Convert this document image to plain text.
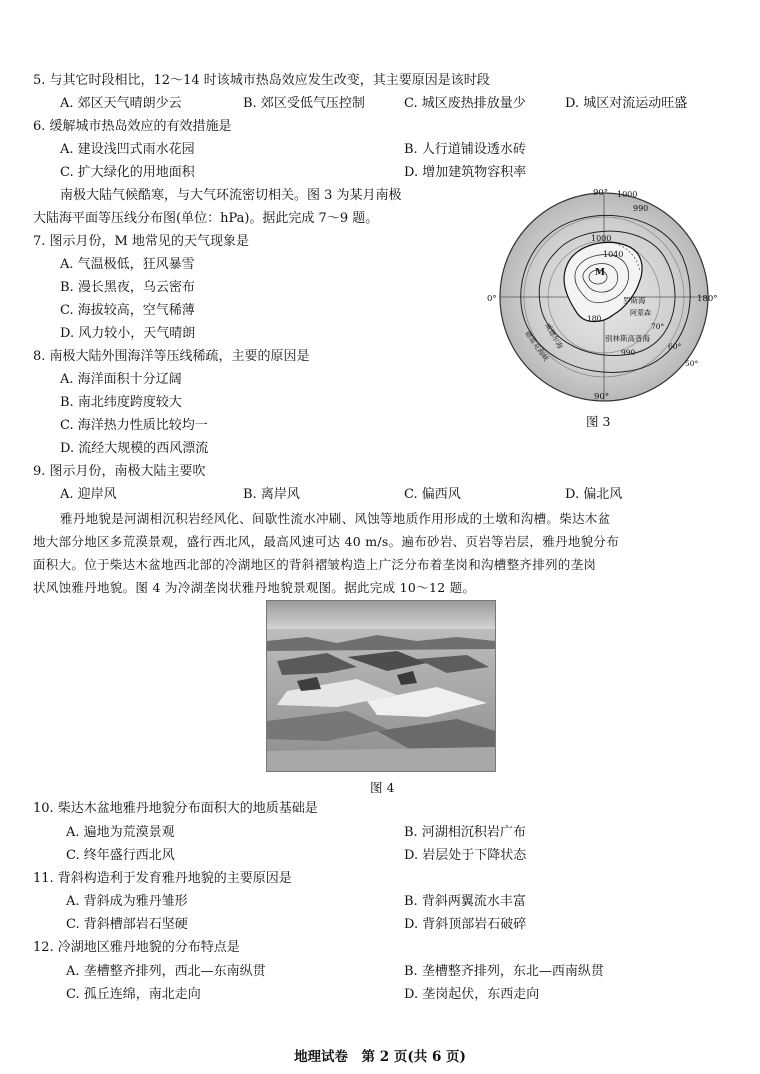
5. 与其它时段相比，12～14 时该城市热岛效应发生改变，其主要原因是该时段
A. 郊区天气晴朗少云	B. 郊区受低气压控制	C. 城区废热排放量少	D. 城区对流运动旺盛
6. 缓解城市热岛效应的有效措施是
A. 建设浅凹式雨水花园	B. 人行道铺设透水砖
C. 扩大绿化的用地面积	D. 增加建筑物容积率
南极大陆气候酷寒，与大气环流密切相关。图 3 为某月南极
大陆海平面等压线分布图(单位：hPa)。据此完成 7～9 题。
7. 图示月份，M 地常见的天气现象是
A. 气温极低，狂风暴雪
B. 漫长黑夜，乌云密布
C. 海拔较高，空气稀薄
D. 风力较小，天气晴朗
8. 南极大陆外围海洋等压线稀疏，主要的原因是
A. 海洋面积十分辽阔
B. 南北纬度跨度较大
C. 海洋热力性质比较均一
D. 流经大规模的西风漂流
9. 图示月份，南极大陆主要吹
A. 迎岸风	B. 离岸风	C. 偏西风	D. 偏北风
90° 1000
990
1000
1040
M
0°	180°
罗斯海
阿蒙森
别林斯高普海
70°
60°
50°
180
990
威德尔海
德雷克海峡
90°
图 3
雅丹地貌是河湖相沉积岩经风化、间歇性流水冲刷、风蚀等地质作用形成的土墩和沟槽。柴达木盆
地大部分地区多荒漠景观，盛行西北风，最高风速可达 40 m/s。遍布砂岩、页岩等岩层，雅丹地貌分布
面积大。位于柴达木盆地西北部的冷湖地区的背斜褶皱构造上广泛分布着垄岗和沟槽整齐排列的垄岗
状风蚀雅丹地貌。图 4 为冷湖垄岗状雅丹地貌景观图。据此完成 10～12 题。
图 4
10. 柴达木盆地雅丹地貌分布面积大的地质基础是
A. 遍地为荒漠景观	B. 河湖相沉积岩广布
C. 终年盛行西北风	D. 岩层处于下降状态
11. 背斜构造利于发育雅丹地貌的主要原因是
A. 背斜成为雅丹雏形	B. 背斜两翼流水丰富
C. 背斜槽部岩石坚硬	D. 背斜顶部岩石破碎
12. 冷湖地区雅丹地貌的分布特点是
A. 垄槽整齐排列，西北—东南纵贯	B. 垄槽整齐排列，东北—西南纵贯
C. 孤丘连绵，南北走向	D. 垄岗起伏，东西走向
地理试卷　第 2 页(共 6 页)
